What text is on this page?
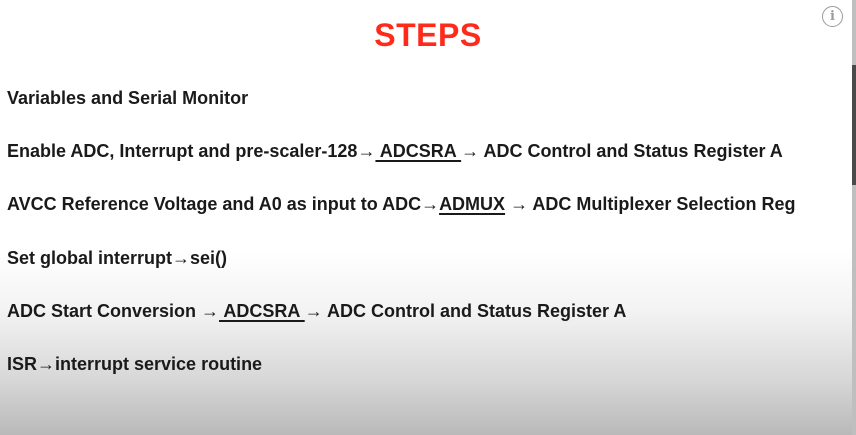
STEPS
i
Variables and Serial Monitor
Enable ADC, Interrupt and pre-scaler-128→ ADCSRA → ADC Control and Status Register A
AVCC Reference Voltage and A0 as input to ADC→ADMUX → ADC Multiplexer Selection Reg
Set global interrupt→sei()
ADC Start Conversion → ADCSRA → ADC Control and Status Register A
ISR→interrupt service routine
